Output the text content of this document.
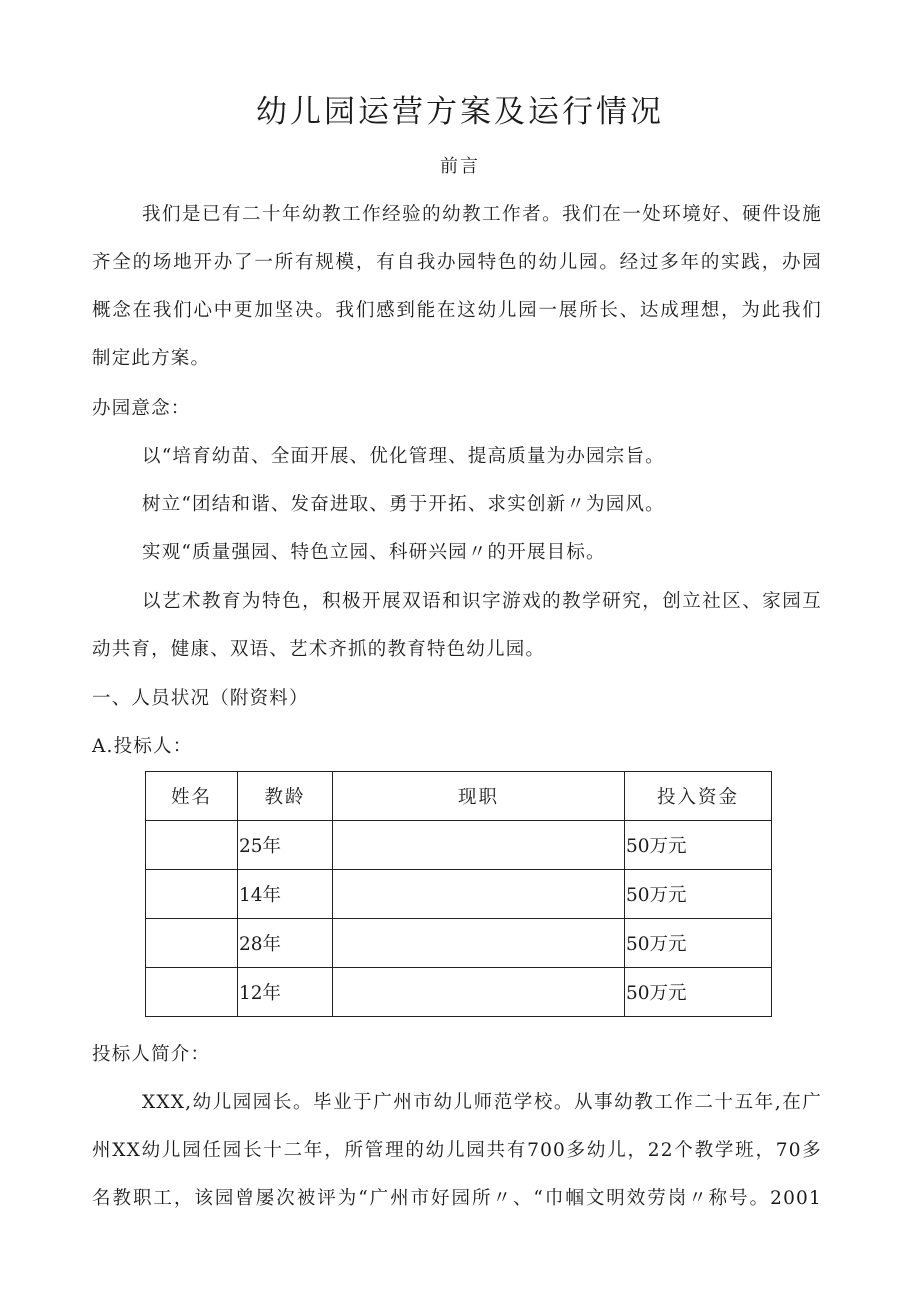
幼儿园运营方案及运行情况
前言
我们是已有二十年幼教工作经验的幼教工作者。我们在一处环境好、硬件设施
齐全的场地开办了一所有规模，有自我办园特色的幼儿园。经过多年的实践，办园
概念在我们心中更加坚决。我们感到能在这幼儿园一展所长、达成理想，为此我们
制定此方案。
办园意念：
以“培育幼苗、全面开展、优化管理、提高质量为办园宗旨。
树立“团结和谐、发奋进取、勇于开拓、求实创新〃为园风。
实观“质量强园、特色立园、科研兴园〃的开展目标。
以艺术教育为特色，积极开展双语和识字游戏的教学研究，创立社区、家园互
动共育，健康、双语、艺术齐抓的教育特色幼儿园。
一、人员状况（附资料）
A.投标人：
姓名	教龄	现职	投入资金
	25年		50万元
	14年		50万元
	28年		50万元
	12年		50万元
投标人简介：
XXX,幼儿园园长。毕业于广州市幼儿师范学校。从事幼教工作二十五年,在广
州XX幼儿园任园长十二年，所管理的幼儿园共有700多幼儿，22个教学班，70多
名教职工，该园曾屡次被评为“广州市好园所〃、“巾帼文明效劳岗〃称号。2001
